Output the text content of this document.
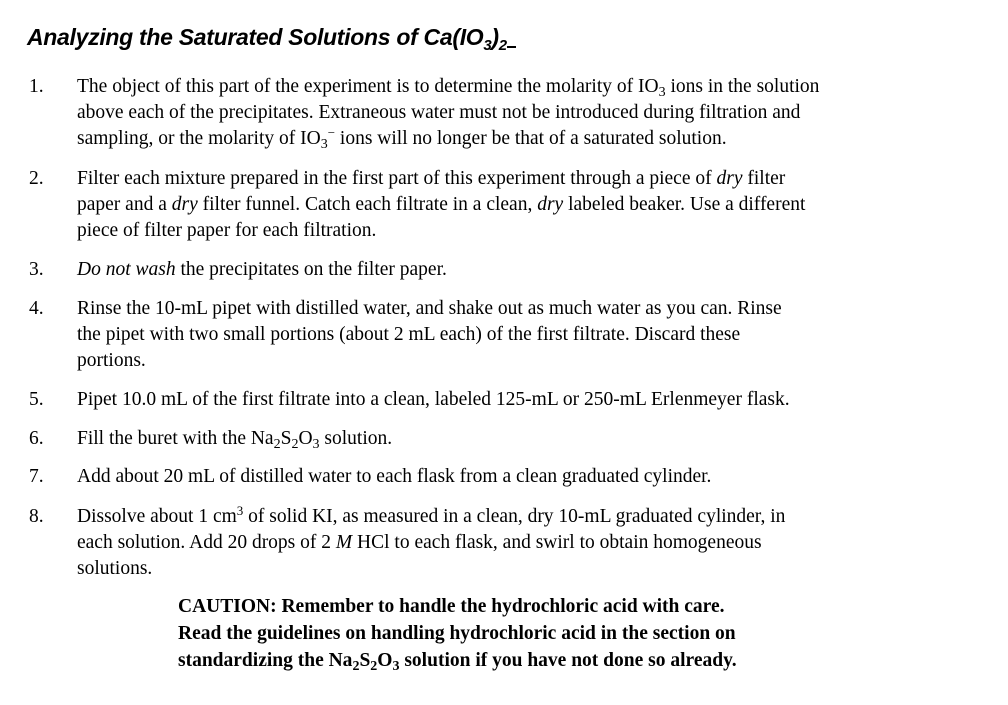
Analyzing the Saturated Solutions of $Ca(IO_3)_2$
1. The object of this part of the experiment is to determine the molarity of $IO_3$ ions in the solution
above each of the precipitates. Extraneous water must not be introduced during filtration and
sampling, or the molarity of $IO_3^-$ ions will no longer be that of a saturated solution.
2. Filter each mixture prepared in the first part of this experiment through a piece of dry filter
paper and a dry filter funnel. Catch each filtrate in a clean, dry labeled beaker. Use a different
piece of filter paper for each filtration.
3. Do not wash the precipitates on the filter paper.
4. Rinse the 10-mL pipet with distilled water, and shake out as much water as you can. Rinse
the pipet with two small portions (about 2 mL each) of the first filtrate. Discard these
portions.
5. Pipet 10.0 mL of the first filtrate into a clean, labeled 125-mL or 250-mL Erlenmeyer flask.
6. Fill the buret with the $Na_2S_2O_3$ solution.
7. Add about 20 mL of distilled water to each flask from a clean graduated cylinder.
8. Dissolve about 1 $cm^3$ of solid KI, as measured in a clean, dry 10-mL graduated cylinder, in
each solution. Add 20 drops of 2 M HCl to each flask, and swirl to obtain homogeneous
solutions.
CAUTION: Remember to handle the hydrochloric acid with care.
Read the guidelines on handling hydrochloric acid in the section on
standardizing the $Na_2S_2O_3$ solution if you have not done so already.
